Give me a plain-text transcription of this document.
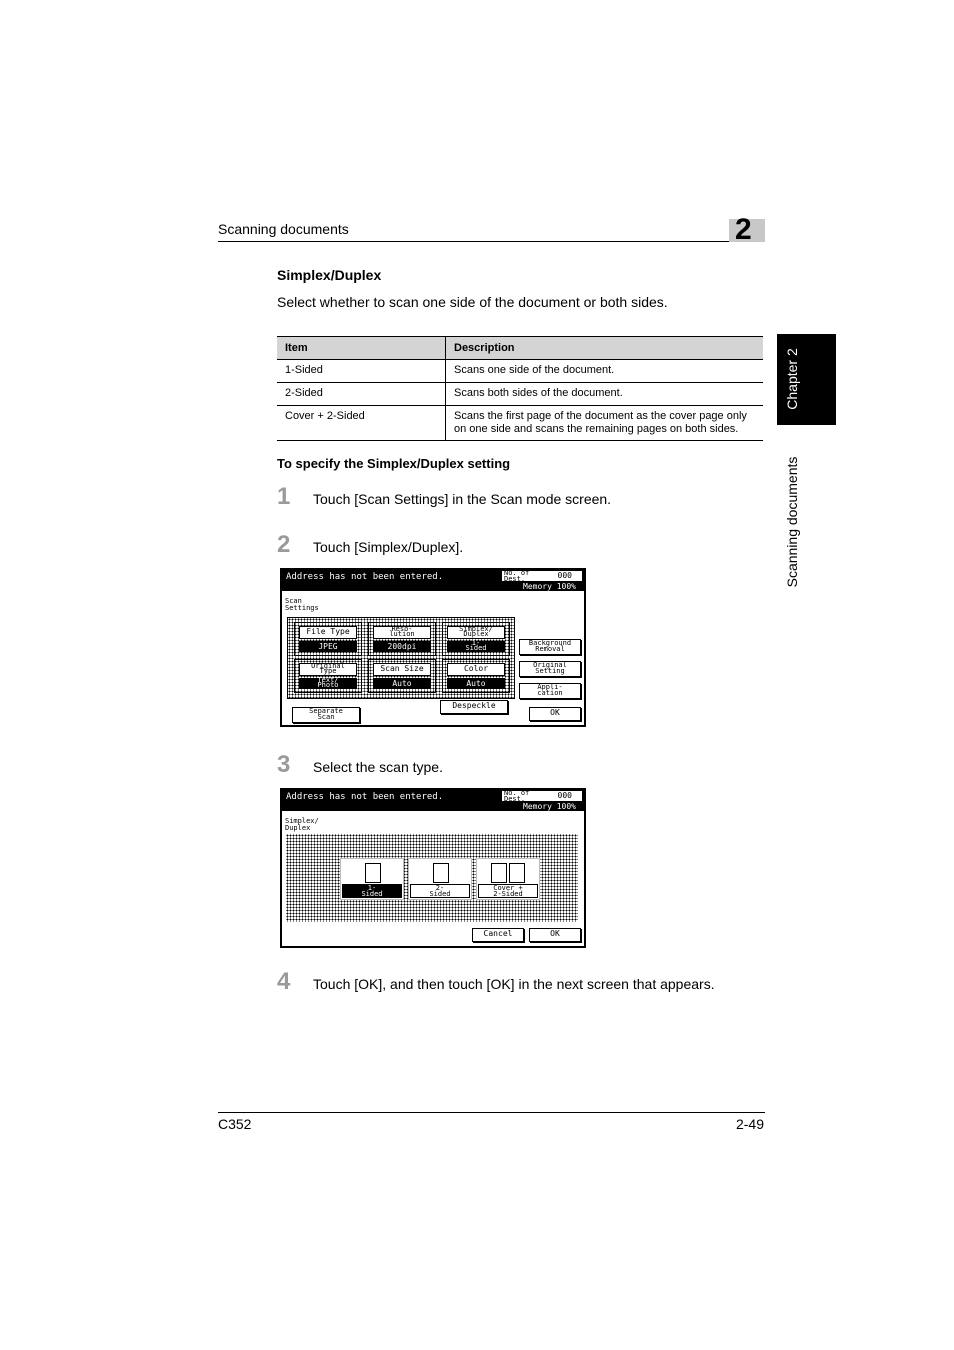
Scanning documents	2
Chapter 2
Scanning documents
Simplex/Duplex
Select whether to scan one side of the document or both sides.
Item	Description
1-Sided	Scans one side of the document.
2-Sided	Scans both sides of the document.
Cover + 2-Sided	Scans the first page of the document as the cover page only on one side and scans the remaining pages on both sides.
To specify the Simplex/Duplex setting
1 Touch [Scan Settings] in the Scan mode screen.
2 Touch [Simplex/Duplex].
Address has not been entered.	No. of
Dest.	000
Memory 100%
Scan
Settings
File Type
JPEG
Reso-
lution
200dpi
Simplex/
Duplex
1-
Sided
Original
Type
Text/
Photo
Scan Size
Auto
Color
Auto
Background
Removal
Original
Setting
Appli-
cation
Separate
Scan
Despeckle
OK
3 Select the scan type.
Address has not been entered.	No. of
Dest.	000
Memory 100%
Simplex/
Duplex
1-
Sided
2-
Sided
Cover +
2-Sided
Cancel	OK
4 Touch [OK], and then touch [OK] in the next screen that appears.
C352	2-49
